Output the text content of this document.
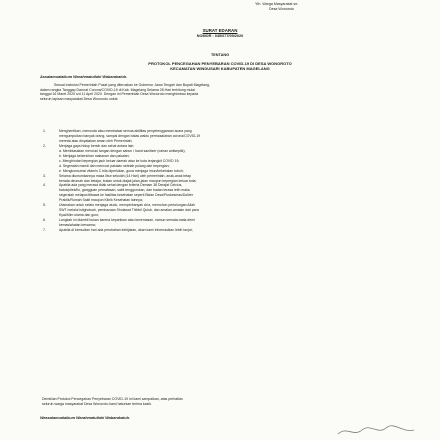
Yth. Warga Masyarakat se-
Desa Wonoroto
SURAT EDARAN
NOMOR : 045/077/09/2020
TENTANG
PROTOKOL PENCEGAHAN PENYEBARAN COVID-19 DI DESA WONOROTO
KECAMATAN WINDUSARI KABUPATEN MAGELANG
Assalamualaikum Warahmatullahi Wabarakatuh.
Sesuai instruksi Pemerintah Pusat yang diteruskan ke Gubernur Jawa Tengah dan Bupati Magelang,
dalam rangka Tanggap Darurat Corona/COVID-19 di Kab. Magelang Selama 28 Hari terhitung mulai
tanggal 16 Maret 2020 s/d 11 April 2020. Dengan ini Pemerintah Desa Wonoroto menghimbau kepada
seluruh lapisan masyarakat Desa Wonoroto untuk:
1.	Menghentikan, menunda atau membatasi semua aktifitas penyelenggaraan acara yang
mengumpulkan banyak orang, sampai dengan batas waktu permasalahan corona/COVID-19
mereda atau dinyatakan aman oleh Pemerintah;
2.	Menjaga gaya hidup bersih dan sehat antara lain:
a. Membiasakan mencuci tangan dengan sabun / hand sanitizer (cairan antiseptik);
b. Menjaga kebersihan makanan dan pakaian;
c. Menghindari bepergian jauh keluar daerah atau ke kota terjangkit COVID 19;
d. Segeralah mandi dan mencuci pakaian setelah pulang dari bepergian;
e. Mengkonsumsi vitamin C bila diperlukan, guna menjaga imun/kekebalan tubuh;
3.	Selama diumumkannya masa libur sekolah (14 Hari) oleh pemerintah, anak-anak tetap
berada dirumah dan belajar, bukan untuk diajak jalan-jalan maupun bepergian keluar kota;
4.	Apabila ada yang merasa tidak sehat dengan kriteria Demam 38 Derajat Celcius,
batuk/pilek/flu, gangguan pernafasan, sakit tenggorokan, dan badan terasa letih maka
segeralah melapor/dibawa ke fasilitas kesehatan seperti Bidan Desa/Puskesmas/Dokter
Praktik/Rumah Sakit maupun Klinik Kesehatan lainnya;
5.	Utamakan untuk selalu menjaga wudu, memperbanyak do'a, memohon pertolongan Allah
SWT melalui istighotsah, pembacaan Sholawat Thibbil Qulub, dan amalan-amalan dari para
Kyai/Alim ulama dan guru;
6.	Langkah ini diambil bukan karena kepanikan atau kecemasan, namun semata-mata demi
kemaslahatan bersama;
7.	Apabila di kemudian hari ada perubahan kebijakan, akan kami informasikan lebih lanjut;
Demikian Protokol Pencegahan Penyebaran COVID-19 ini kami sampaikan, atas perhatian
seluruh warga masyarakat Desa Wonoroto kami haturkan terima kasih.
Wassalamualaikum Warahmatullahi Wabarakatuh.
